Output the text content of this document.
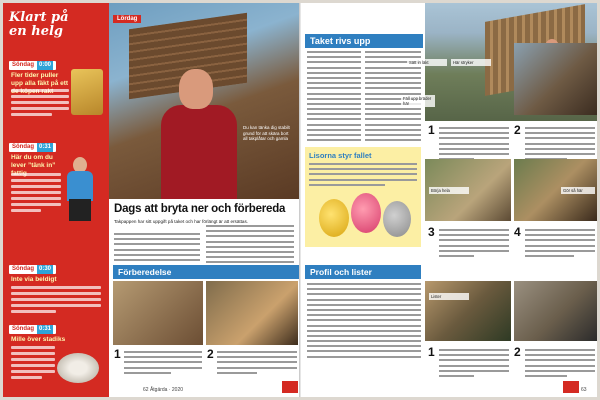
Klart på
en helg
Söndag 0:00
Fler tider puller upp alla fäkt på ett
Söndag 0:31
Här du om du lever ”tänk in”
Söndag 0:30
Inte via beldigt
Söndag 0:31
Mille över stadiks
Lördag
Du kan tänka dig stabilt grund för att skära bort all takplåtar och gamla
Dags att bryta ner och förbereda
Takpappen har sitt uppgift på taket och har förlängt är att ersättas.
Förberedelse
1	2
62 Åtgärda · 2020
Taket rivs upp
Sätt in läkt	Här stryker
Fäll upp bräder här
1	2
Lisorna styr fallet
Börja hela	Gör så här
3	4
Profil och lister
Lister
1	2
63
